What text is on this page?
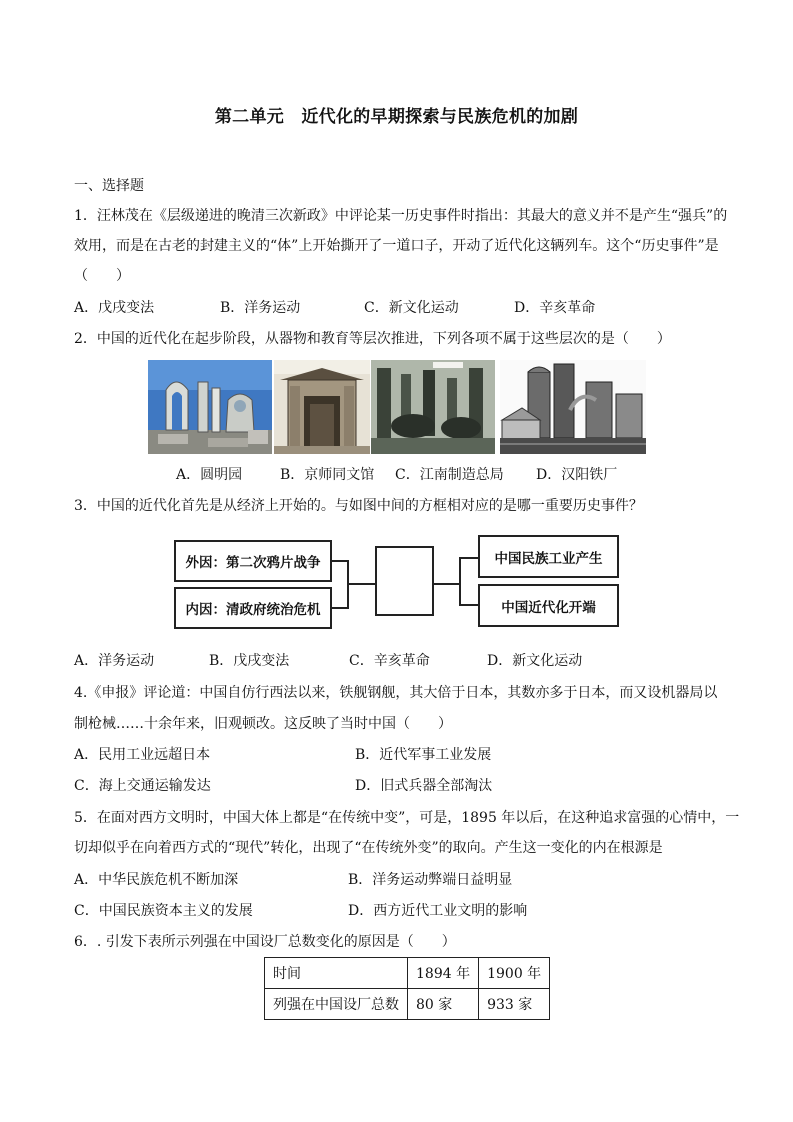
第二单元　近代化的早期探索与民族危机的加剧
一、选择题
1．汪林茂在《层级递进的晚清三次新政》中评论某一历史事件时指出：其最大的意义并不是产生“强兵”的
效用，而是在古老的封建主义的“体”上开始撕开了一道口子，开动了近代化这辆列车。这个“历史事件”是
（　　）
A．戊戌变法	B．洋务运动	C．新文化运动	D．辛亥革命
2．中国的近代化在起步阶段，从器物和教育等层次推进，下列各项不属于这些层次的是（　　）
A．圆明园	B．京师同文馆 C．江南制造总局 D．汉阳铁厂
3．中国的近代化首先是从经济上开始的。与如图中间的方框相对应的是哪一重要历史事件？
外因：第二次鸦片战争
内因：清政府统治危机
中国民族工业产生
中国近代化开端
A．洋务运动	B．戊戌变法	C．辛亥革命	D．新文化运动
4.《申报》评论道：中国自仿行西法以来，铁舰钢舰，其大倍于日本，其数亦多于日本，而又设机器局以
制枪械……十余年来，旧观顿改。这反映了当时中国（　　）
A．民用工业远超日本	B．近代军事工业发展
C．海上交通运输发达	D．旧式兵器全部淘汰
5．在面对西方文明时，中国大体上都是“在传统中变”，可是，1895 年以后，在这种追求富强的心情中，一
切却似乎在向着西方式的“现代”转化，出现了“在传统外变”的取向。产生这一变化的内在根源是
A．中华民族危机不断加深	B．洋务运动弊端日益明显
C．中国民族资本主义的发展	D．西方近代工业文明的影响
6．. 引发下表所示列强在中国设厂总数变化的原因是（　　）
时间	1894 年	1900 年
列强在中国设厂总数	80 家	933 家
